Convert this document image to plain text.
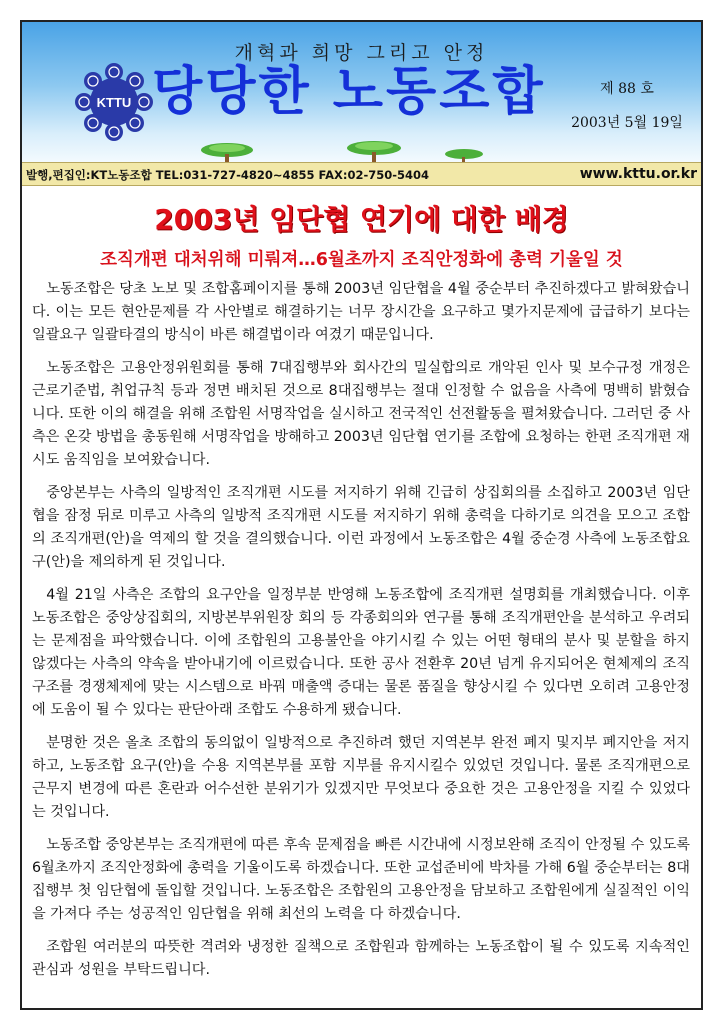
개혁과 희망 그리고 안정
KTTU 당당한 노동조합	제 88 호
2003년 5월 19일
발행,편집인:KT노동조합 TEL:031-727-4820~4855 FAX:02-750-5404	www.kttu.or.kr
2003년 임단협 연기에 대한 배경
조직개편 대처위해 미뤄져…6월초까지 조직안정화에 총력 기울일 것

노동조합은 당초 노보 및 조합홈페이지를 통해 2003년 임단협을 4월 중순부터 추진하겠다고 밝혀왔습니다. 이는 모든 현안문제를 각 사안별로 해결하기는 너무 장시간을 요구하고 몇가지문제에 급급하기 보다는 일괄요구 일괄타결의 방식이 바른 해결법이라 여겼기 때문입니다.

노동조합은 고용안정위원회를 통해 7대집행부와 회사간의 밀실합의로 개악된 인사 및 보수규정 개정은 근로기준법, 취업규칙 등과 정면 배치된 것으로 8대집행부는 절대 인정할 수 없음을 사측에 명백히 밝혔습니다. 또한 이의 해결을 위해 조합원 서명작업을 실시하고 전국적인 선전활동을 펼쳐왔습니다. 그러던 중 사측은 온갖 방법을 총동원해 서명작업을 방해하고 2003년 임단협 연기를 조합에 요청하는 한편 조직개편 재시도 움직임을 보여왔습니다.

중앙본부는 사측의 일방적인 조직개편 시도를 저지하기 위해 긴급히 상집회의를 소집하고 2003년 임단협을 잠정 뒤로 미루고 사측의 일방적 조직개편 시도를 저지하기 위해 총력을 다하기로 의견을 모으고 조합의 조직개편(안)을 역제의 할 것을 결의했습니다. 이런 과정에서 노동조합은 4월 중순경 사측에 노동조합요구(안)을 제의하게 된 것입니다.

4월 21일 사측은 조합의 요구안을 일정부분 반영해 노동조합에 조직개편 설명회를 개최했습니다. 이후 노동조합은 중앙상집회의, 지방본부위원장 회의 등 각종회의와 연구를 통해 조직개편안을 분석하고 우려되는 문제점을 파악했습니다. 이에 조합원의 고용불안을 야기시킬 수 있는 어떤 형태의 분사 및 분할을 하지 않겠다는 사측의 약속을 받아내기에 이르렀습니다. 또한 공사 전환후 20년 넘게 유지되어온 현체제의 조직구조를 경쟁체제에 맞는 시스템으로 바꿔 매출액 증대는 물론 품질을 향상시킬 수 있다면 오히려 고용안정에 도움이 될 수 있다는 판단아래 조합도 수용하게 됐습니다.

분명한 것은 올초 조합의 동의없이 일방적으로 추진하려 했던 지역본부 완전 폐지 및지부 폐지안을 저지하고, 노동조합 요구(안)을 수용 지역본부를 포함 지부를 유지시킬수 있었던 것입니다. 물론 조직개편으로 근무지 변경에 따른 혼란과 어수선한 분위기가 있겠지만 무엇보다 중요한 것은 고용안정을 지킬 수 있었다는 것입니다.

노동조합 중앙본부는 조직개편에 따른 후속 문제점을 빠른 시간내에 시정보완해 조직이 안정될 수 있도록 6월초까지 조직안정화에 총력을 기울이도록 하겠습니다. 또한 교섭준비에 박차를 가해 6월 중순부터는 8대 집행부 첫 임단협에 돌입할 것입니다. 노동조합은 조합원의 고용안정을 담보하고 조합원에게 실질적인 이익을 가져다 주는 성공적인 임단협을 위해 최선의 노력을 다 하겠습니다.

조합원 여러분의 따뜻한 격려와 냉정한 질책으로 조합원과 함께하는 노동조합이 될 수 있도록 지속적인 관심과 성원을 부탁드립니다.
